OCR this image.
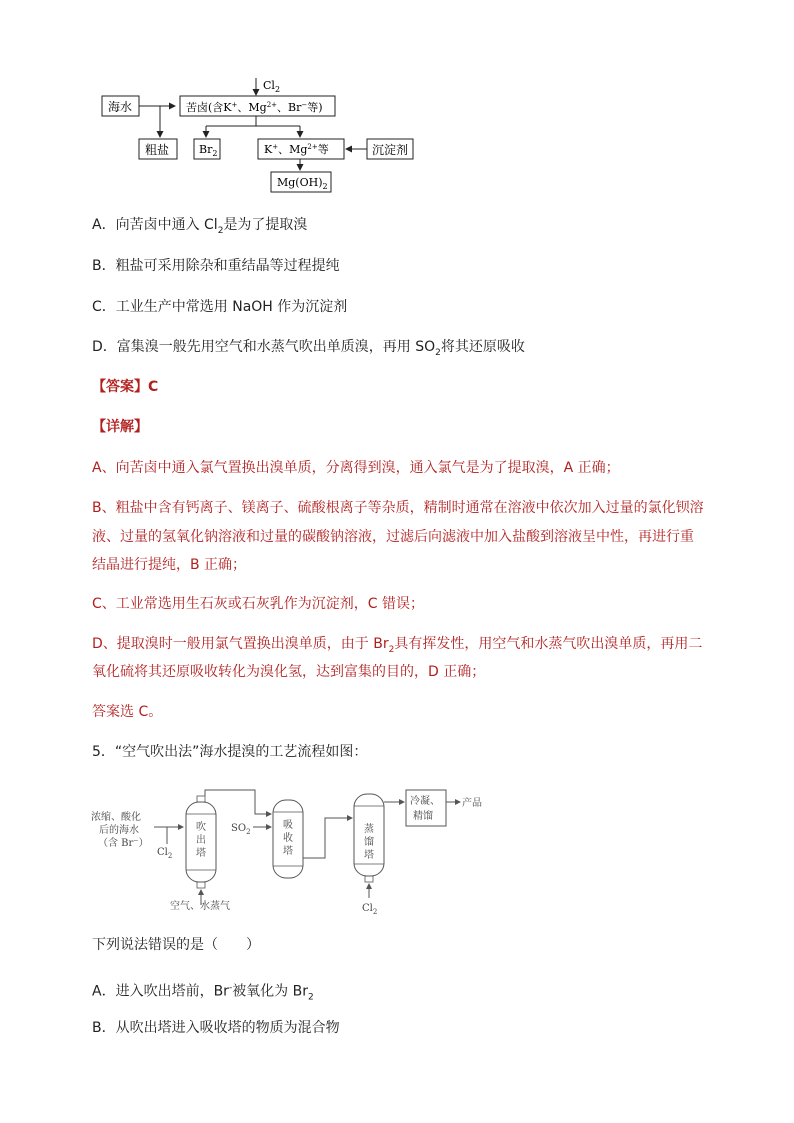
$Cl_2$
海水	苦卤(含K+、$Mg^{2+}$、Br−等)
粗盐	$Br_2$	K+、$Mg^{2+}$等	沉淀剂
$Mg(OH)_2$
A．向苦卤中通入 $Cl_2$是为了提取溴
B．粗盐可采用除杂和重结晶等过程提纯
C．工业生产中常选用 NaOH 作为沉淀剂
D．富集溴一般先用空气和水蒸气吹出单质溴，再用 $SO_2$将其还原吸收
【答案】C
【详解】
A、向苦卤中通入氯气置换出溴单质，分离得到溴，通入氯气是为了提取溴，A 正确；
B、粗盐中含有钙离子、镁离子、硫酸根离子等杂质，精制时通常在溶液中依次加入过量的氯化钡溶
液、过量的氢氧化钠溶液和过量的碳酸钠溶液，过滤后向滤液中加入盐酸到溶液呈中性，再进行重
结晶进行提纯，B 正确；
C、工业常选用生石灰或石灰乳作为沉淀剂，C 错误；
D、提取溴时一般用氯气置换出溴单质，由于 $Br_2$具有挥发性，用空气和水蒸气吹出溴单质，再用二
氧化硫将其还原吸收转化为溴化氢，达到富集的目的，D 正确；
答案选 C。
5．“空气吹出法”海水提溴的工艺流程如图：
浓缩、酸化
后的海水
（含 Br⁻）
$Cl_2$
吹
出
塔
空气、水蒸气
$SO_2$
吸
收
塔
蒸
馏
塔
$Cl_2$
冷凝、
精馏
产品
下列说法错误的是（　　）
A．进入吹出塔前，Br-被氧化为 $Br_2$
B．从吹出塔进入吸收塔的物质为混合物
